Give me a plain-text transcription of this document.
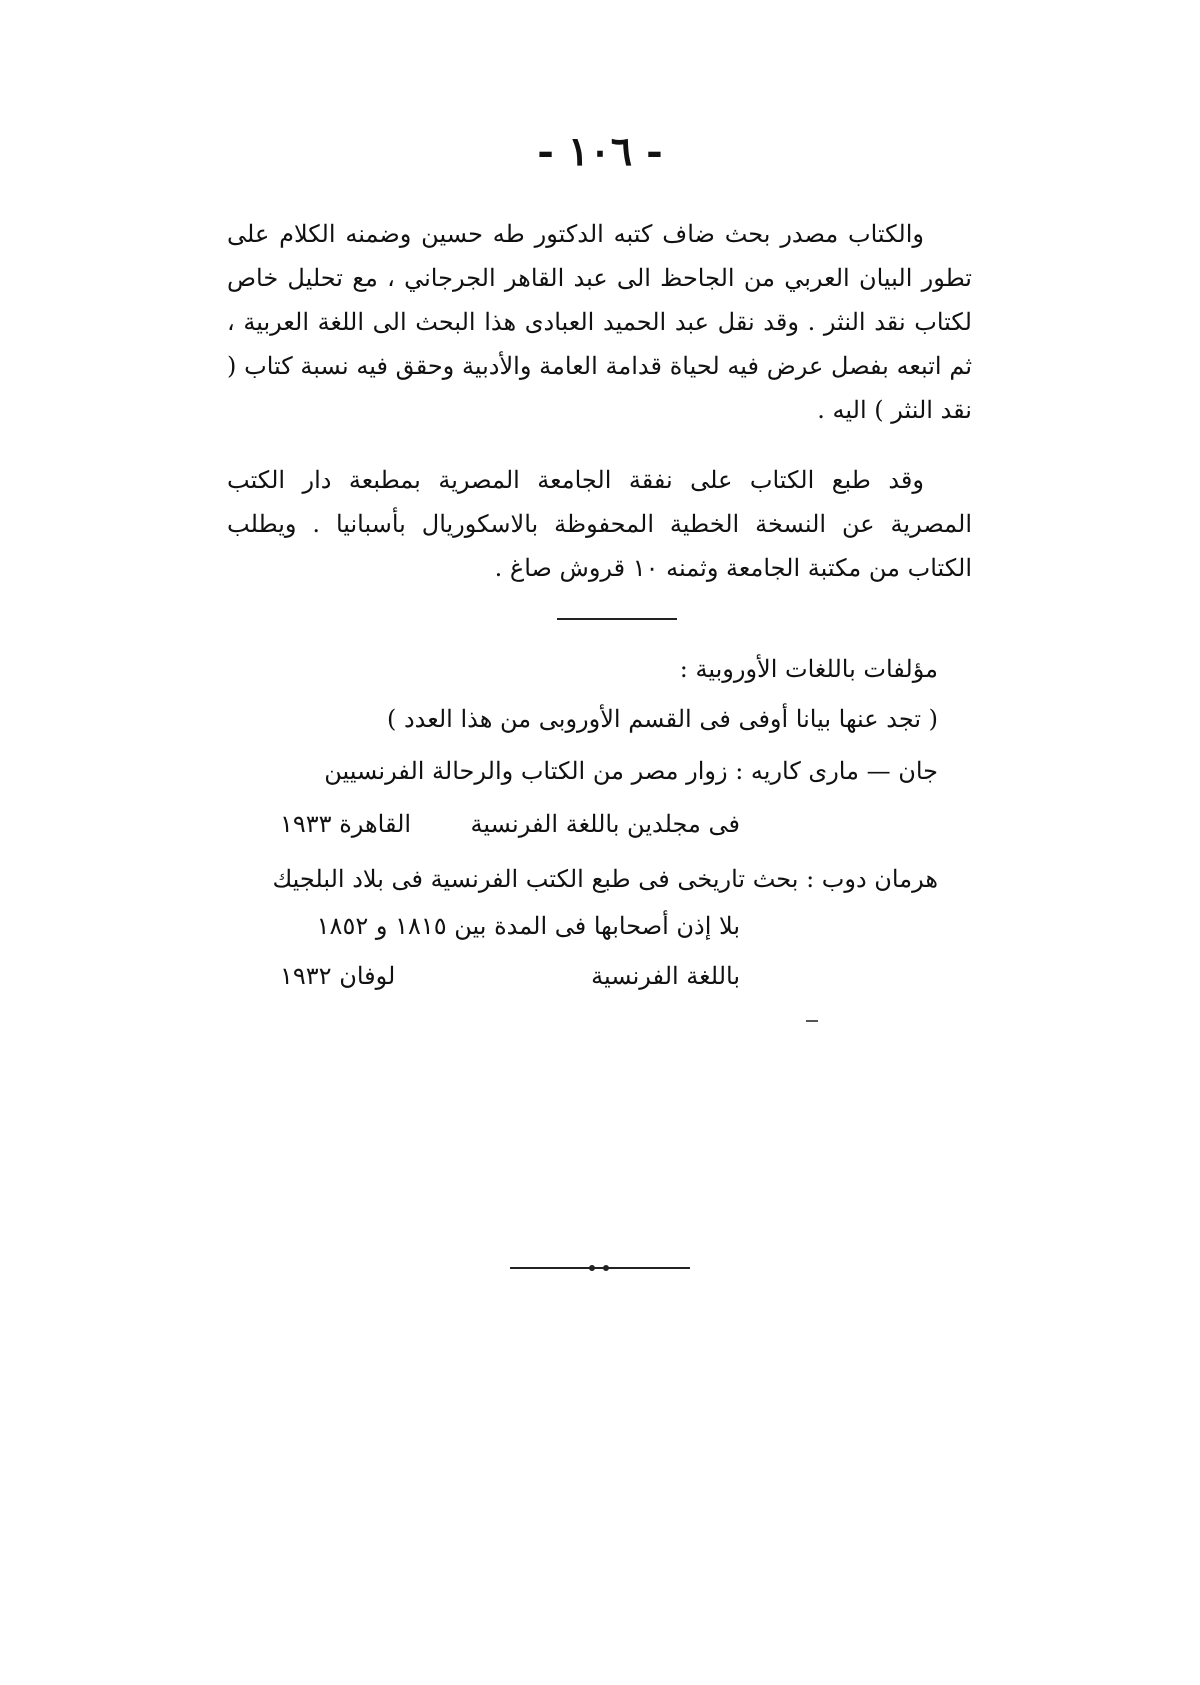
- ١٠٦ -
والكتاب مصدر بحث ضاف كتبه الدكتور طه حسين وضمنه الكلام على تطور البيان العربي من الجاحظ الى عبد القاهر الجرجاني ، مع تحليل خاص لكتاب نقد النثر . وقد نقل عبد الحميد العبادى هذا البحث الى اللغة العربية ، ثم اتبعه بفصل عرض فيه لحياة قدامة العامة والأدبية وحقق فيه نسبة كتاب ( نقد النثر ) اليه .
وقد طبع الكتاب على نفقة الجامعة المصرية بمطبعة دار الكتب المصرية عن النسخة الخطية المحفوظة بالاسكوريال بأسبانيا . ويطلب الكتاب من مكتبة الجامعة وثمنه ١٠ قروش صاغ .
مؤلفات باللغات الأوروبية :
( تجد عنها بيانا أوفى فى القسم الأوروبى من هذا العدد )
جان — مارى كاريه : زوار مصر من الكتاب والرحالة الفرنسيين
فى مجلدين باللغة الفرنسية
القاهرة ١٩٣٣
هرمان دوب : بحث تاريخى فى طبع الكتب الفرنسية فى بلاد البلجيك
بلا إذن أصحابها فى المدة بين ١٨١٥ و ١٨٥٢
باللغة الفرنسية
لوفان ١٩٣٢
